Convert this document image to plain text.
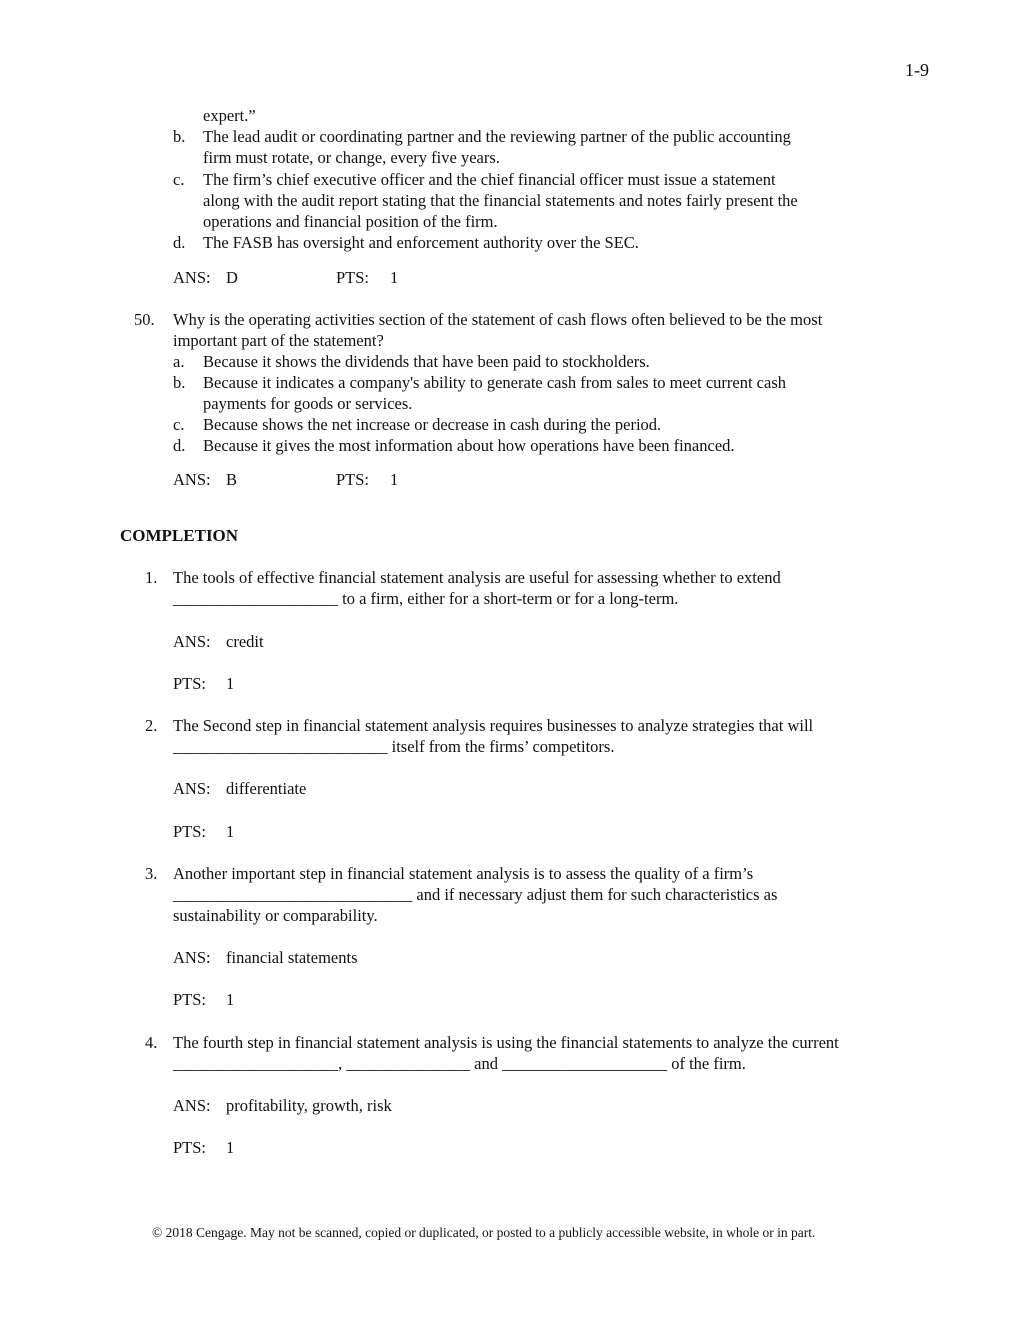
1-9
expert.”
b. The lead audit or coordinating partner and the reviewing partner of the public accounting
firm must rotate, or change, every five years.
c. The firm’s chief executive officer and the chief financial officer must issue a statement
along with the audit report stating that the financial statements and notes fairly present the
operations and financial position of the firm.
d. The FASB has oversight and enforcement authority over the SEC.
ANS: D	PTS: 1
50. Why is the operating activities section of the statement of cash flows often believed to be the most
important part of the statement?
a. Because it shows the dividends that have been paid to stockholders.
b. Because it indicates a company's ability to generate cash from sales to meet current cash
payments for goods or services.
c. Because shows the net increase or decrease in cash during the period.
d. Because it gives the most information about how operations have been financed.
ANS: B	PTS: 1
COMPLETION
1. The tools of effective financial statement analysis are useful for assessing whether to extend
____________________ to a firm, either for a short-term or for a long-term.
ANS: credit
PTS: 1
2. The Second step in financial statement analysis requires businesses to analyze strategies that will
__________________________ itself from the firms’ competitors.
ANS: differentiate
PTS: 1
3. Another important step in financial statement analysis is to assess the quality of a firm’s
_____________________________ and if necessary adjust them for such characteristics as
sustainability or comparability.
ANS: financial statements
PTS: 1
4. The fourth step in financial statement analysis is using the financial statements to analyze the current
____________________, _______________ and ____________________ of the firm.
ANS: profitability, growth, risk
PTS: 1
© 2018 Cengage. May not be scanned, copied or duplicated, or posted to a publicly accessible website, in whole or in part.
